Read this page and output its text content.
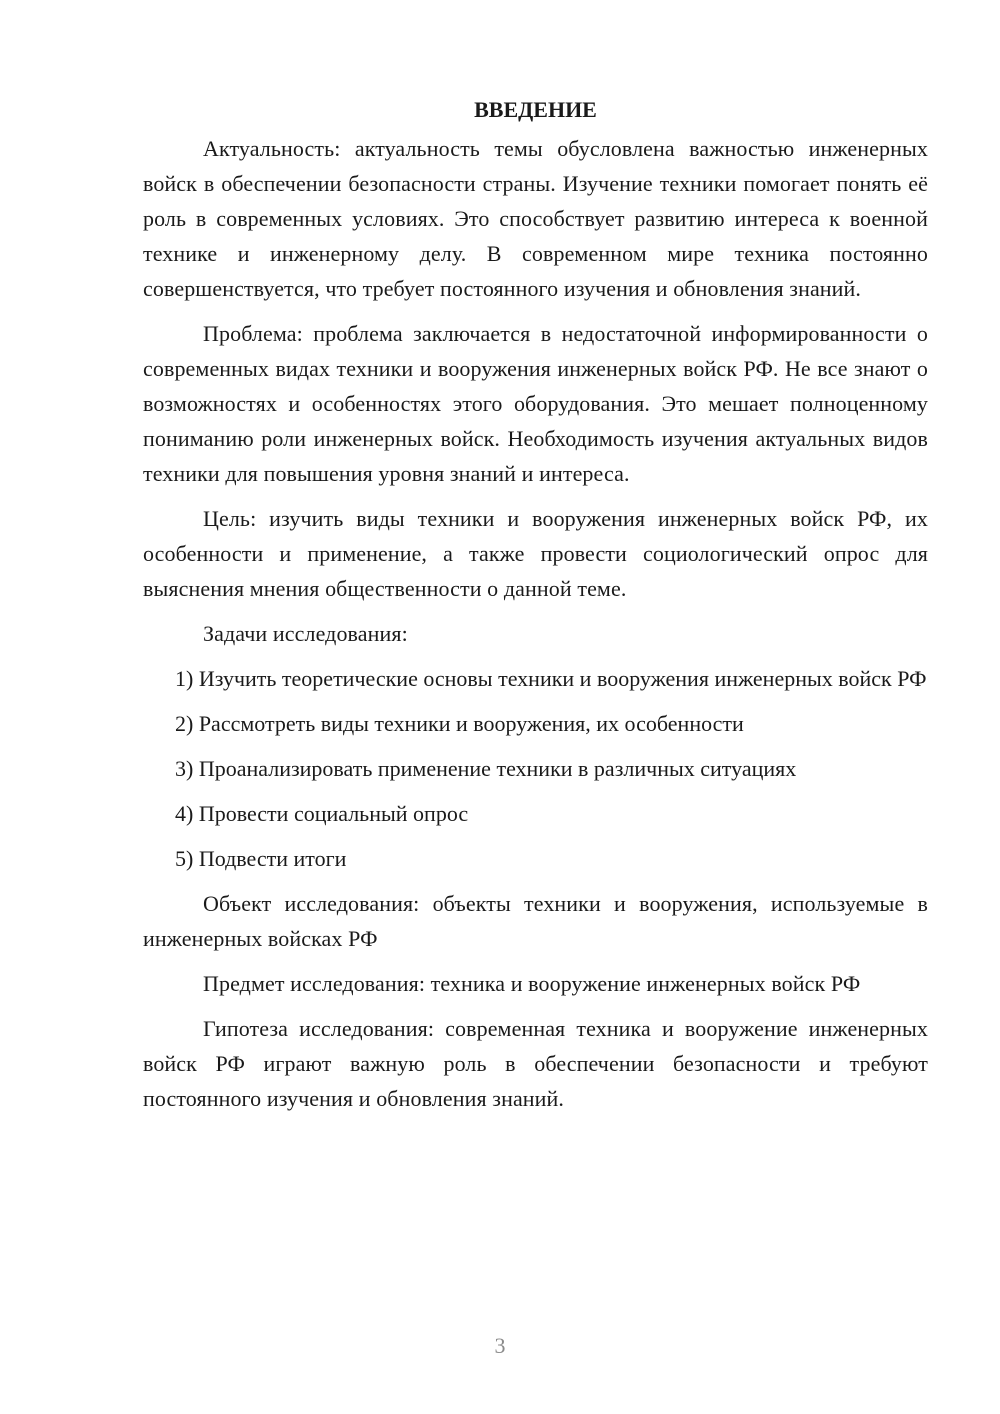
ВВЕДЕНИЕ

Актуальность: актуальность темы обусловлена важностью инженерных войск в обеспечении безопасности страны. Изучение техники помогает понять её роль в современных условиях. Это способствует развитию интереса к военной технике и инженерному делу. В современном мире техника постоянно совершенствуется, что требует постоянного изучения и обновления знаний.

Проблема: проблема заключается в недостаточной информированности о современных видах техники и вооружения инженерных войск РФ. Не все знают о возможностях и особенностях этого оборудования. Это мешает полноценному пониманию роли инженерных войск. Необходимость изучения актуальных видов техники для повышения уровня знаний и интереса.

Цель: изучить виды техники и вооружения инженерных войск РФ, их особенности и применение, а также провести социологический опрос для выяснения мнения общественности о данной теме.

Задачи исследования:

1) Изучить теоретические основы техники и вооружения инженерных войск РФ

2) Рассмотреть виды техники и вооружения, их особенности

3) Проанализировать применение техники в различных ситуациях

4) Провести социальный опрос

5) Подвести итоги

Объект исследования: объекты техники и вооружения, используемые в инженерных войсках РФ

Предмет исследования: техника и вооружение инженерных войск РФ

Гипотеза исследования: современная техника и вооружение инженерных войск РФ играют важную роль в обеспечении безопасности и требуют постоянного изучения и обновления знаний.

3
